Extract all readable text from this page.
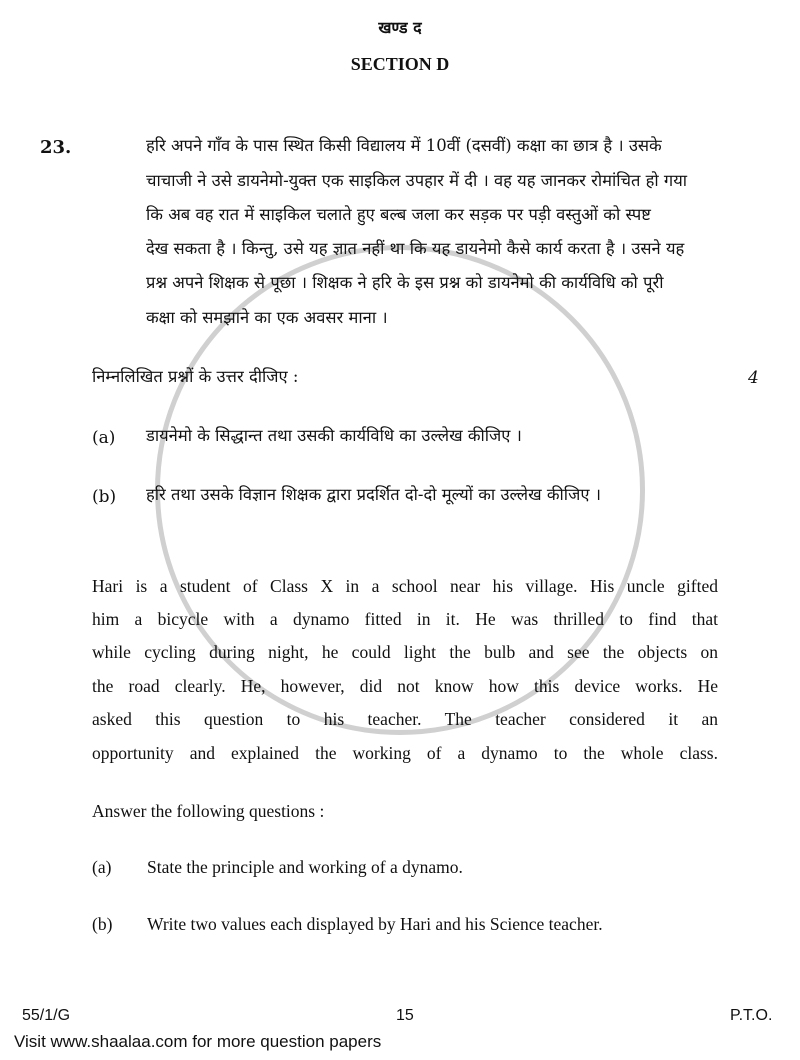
खण्ड द
SECTION D
23.	हरि अपने गाँव के पास स्थित किसी विद्यालय में 10वीं (दसवीं) कक्षा का छात्र है । उसके
चाचाजी ने उसे डायनेमो-युक्त एक साइकिल उपहार में दी । वह यह जानकर रोमांचित हो गया
कि अब वह रात में साइकिल चलाते हुए बल्ब जला कर सड़क पर पड़ी वस्तुओं को स्पष्ट
देख सकता है । किन्तु, उसे यह ज्ञात नहीं था कि यह डायनेमो कैसे कार्य करता है । उसने यह
प्रश्न अपने शिक्षक से पूछा । शिक्षक ने हरि के इस प्रश्न को डायनेमो की कार्यविधि को पूरी
कक्षा को समझाने का एक अवसर माना ।
निम्नलिखित प्रश्नों के उत्तर दीजिए :	4
(a) डायनेमो के सिद्धान्त तथा उसकी कार्यविधि का उल्लेख कीजिए ।
(b) हरि तथा उसके विज्ञान शिक्षक द्वारा प्रदर्शित दो-दो मूल्यों का उल्लेख कीजिए ।
Hari is a student of Class X in a school near his village. His uncle gifted
him a bicycle with a dynamo fitted in it. He was thrilled to find that
while cycling during night, he could light the bulb and see the objects on
the road clearly. He, however, did not know how this device works. He
asked this question to his teacher. The teacher considered it an
opportunity and explained the working of a dynamo to the whole class.
Answer the following questions :
(a) State the principle and working of a dynamo.
(b) Write two values each displayed by Hari and his Science teacher.
55/1/G	15	P.T.O.
Visit www.shaalaa.com for more question papers
